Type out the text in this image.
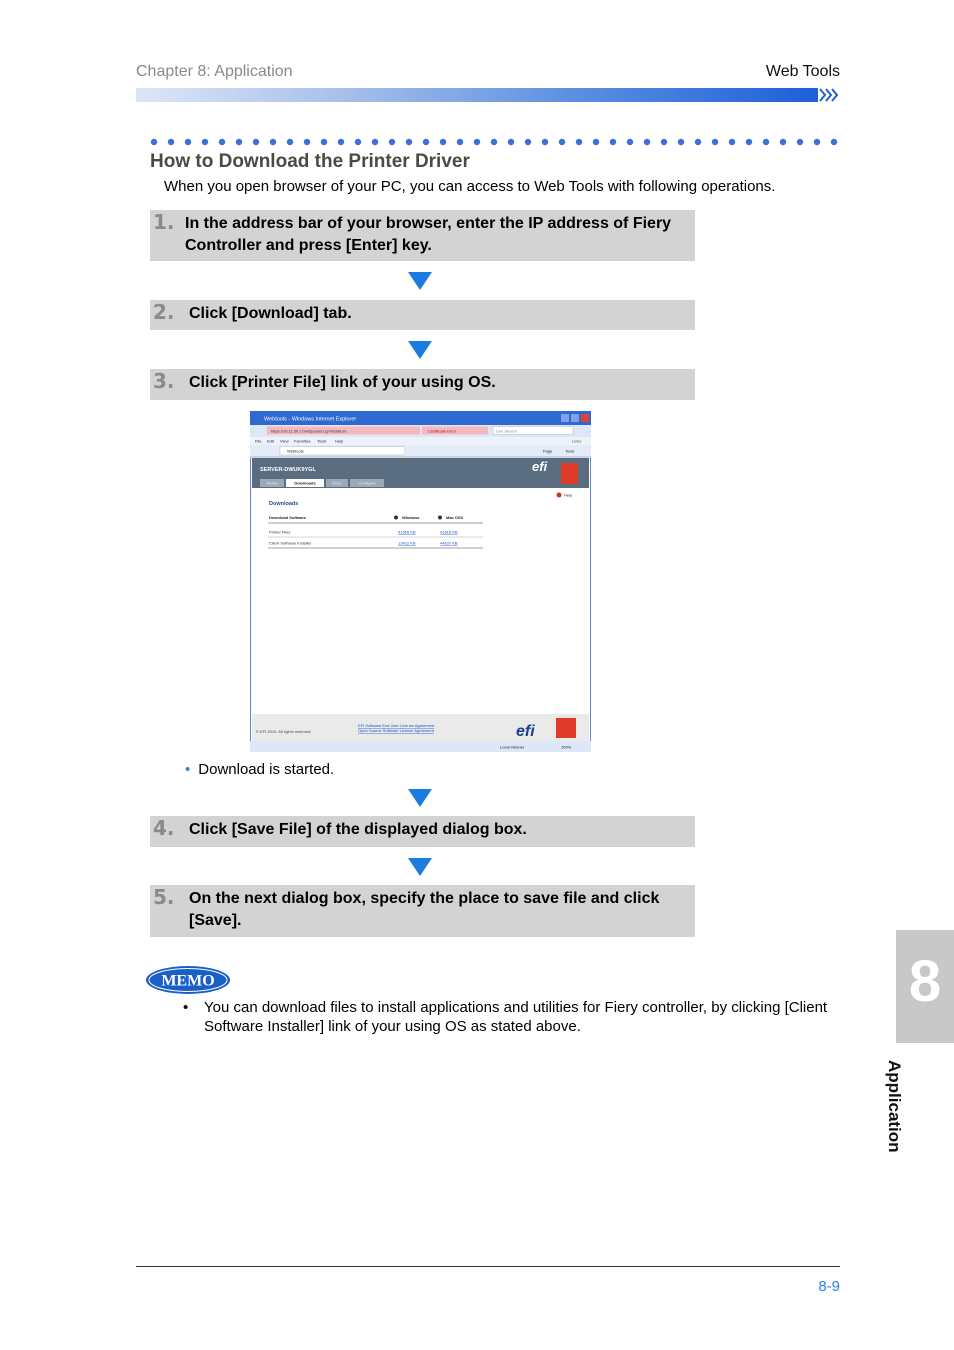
Chapter 8: Application	Web Tools
How to Download the Printer Driver
When you open browser of your PC, you can access to Web Tools with following operations.
1. In the address bar of your browser, enter the IP address of Fiery Controller and press [Enter] key.
2. Click [Download] tab.
3. Click [Printer File] link of your using OS.
Webtools - Windows Internet Explorer
https://10.11.50.17/wt2parser.cgi?install.en	Certificate Error	Live Search
File Edit View Favorites Tools Help	Links
Webtools	Page	Tools
SERVER-DWUK9YGL
Home	Downloads	Docs	Configure
efi
Help
Downloads
Download Software	Windows	Mac OSX
Printer Files	41565 KB	41618 KB
Client Software Installer	13422 KB	44637 KB
© EFI 2010. All rights reserved.
EFI Software End User License Agreement
Open Source Software License Agreement	efi
Local intranet	100%
• Download is started.
4. Click [Save File] of the displayed dialog box.
5. On the next dialog box, specify the place to save file and click [Save].
MEMO
•	You can download files to install applications and utilities for Fiery controller, by clicking [Client Software Installer] link of your using OS as stated above.
8
Application
8-9
